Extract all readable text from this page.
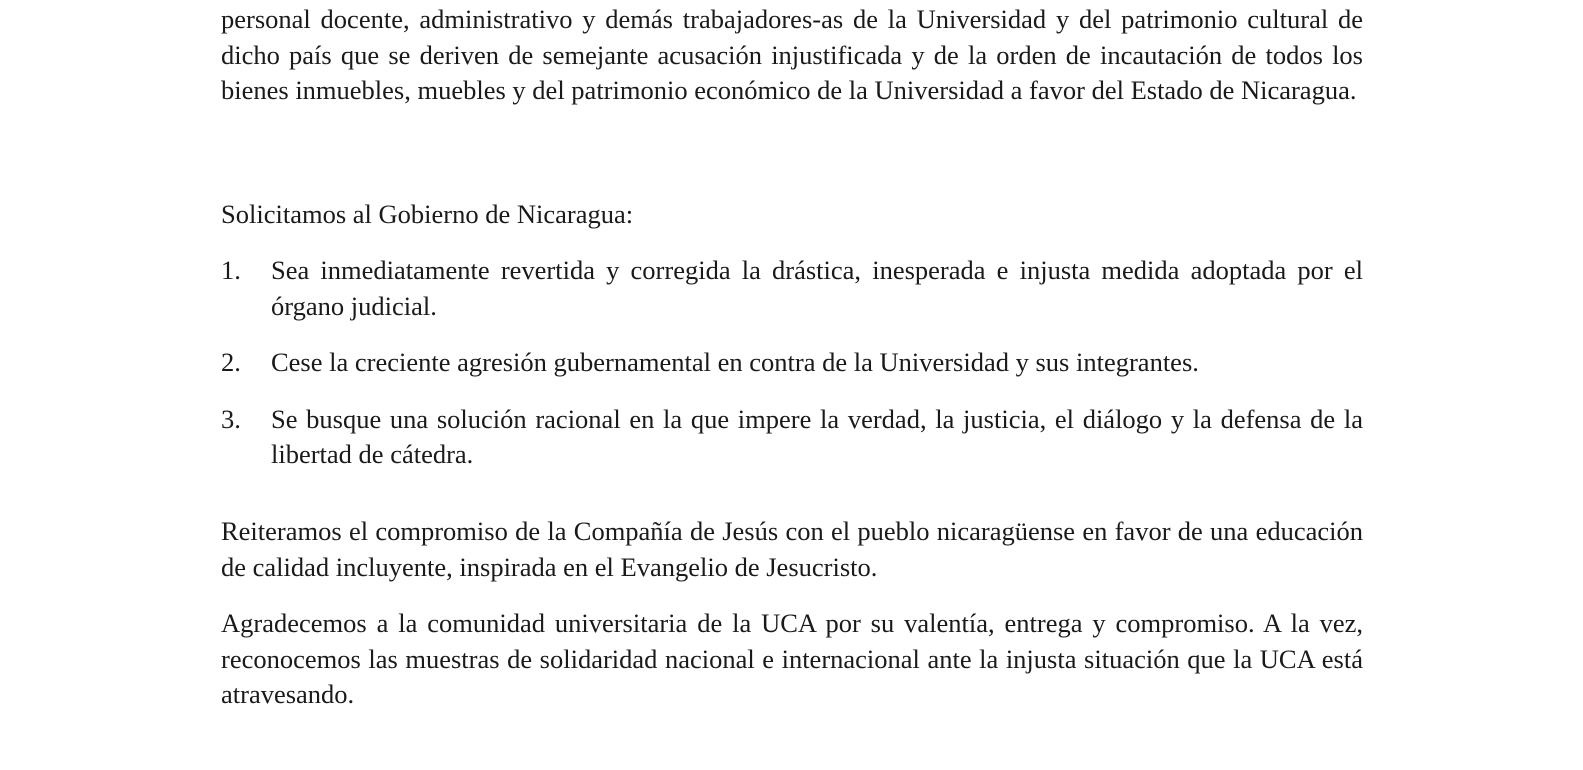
personal docente, administrativo y demás trabajadores-as de la Universidad y del patrimonio cultural de dicho país que se deriven de semejante acusación injustificada y de la orden de incautación de todos los bienes inmuebles, muebles y del patrimonio económico de la Universidad a favor del Estado de Nicaragua.

Solicitamos al Gobierno de Nicaragua:

1.	Sea inmediatamente revertida y corregida la drástica, inesperada e injusta medida adoptada por el órgano judicial.
2.	Cese la creciente agresión gubernamental en contra de la Universidad y sus integrantes.
3.	Se busque una solución racional en la que impere la verdad, la justicia, el diálogo y la defensa de la libertad de cátedra.

Reiteramos el compromiso de la Compañía de Jesús con el pueblo nicaragüense en favor de una educación de calidad incluyente, inspirada en el Evangelio de Jesucristo.

Agradecemos a la comunidad universitaria de la UCA por su valentía, entrega y compromiso. A la vez, reconocemos las muestras de solidaridad nacional e internacional ante la injusta situación que la UCA está atravesando.
